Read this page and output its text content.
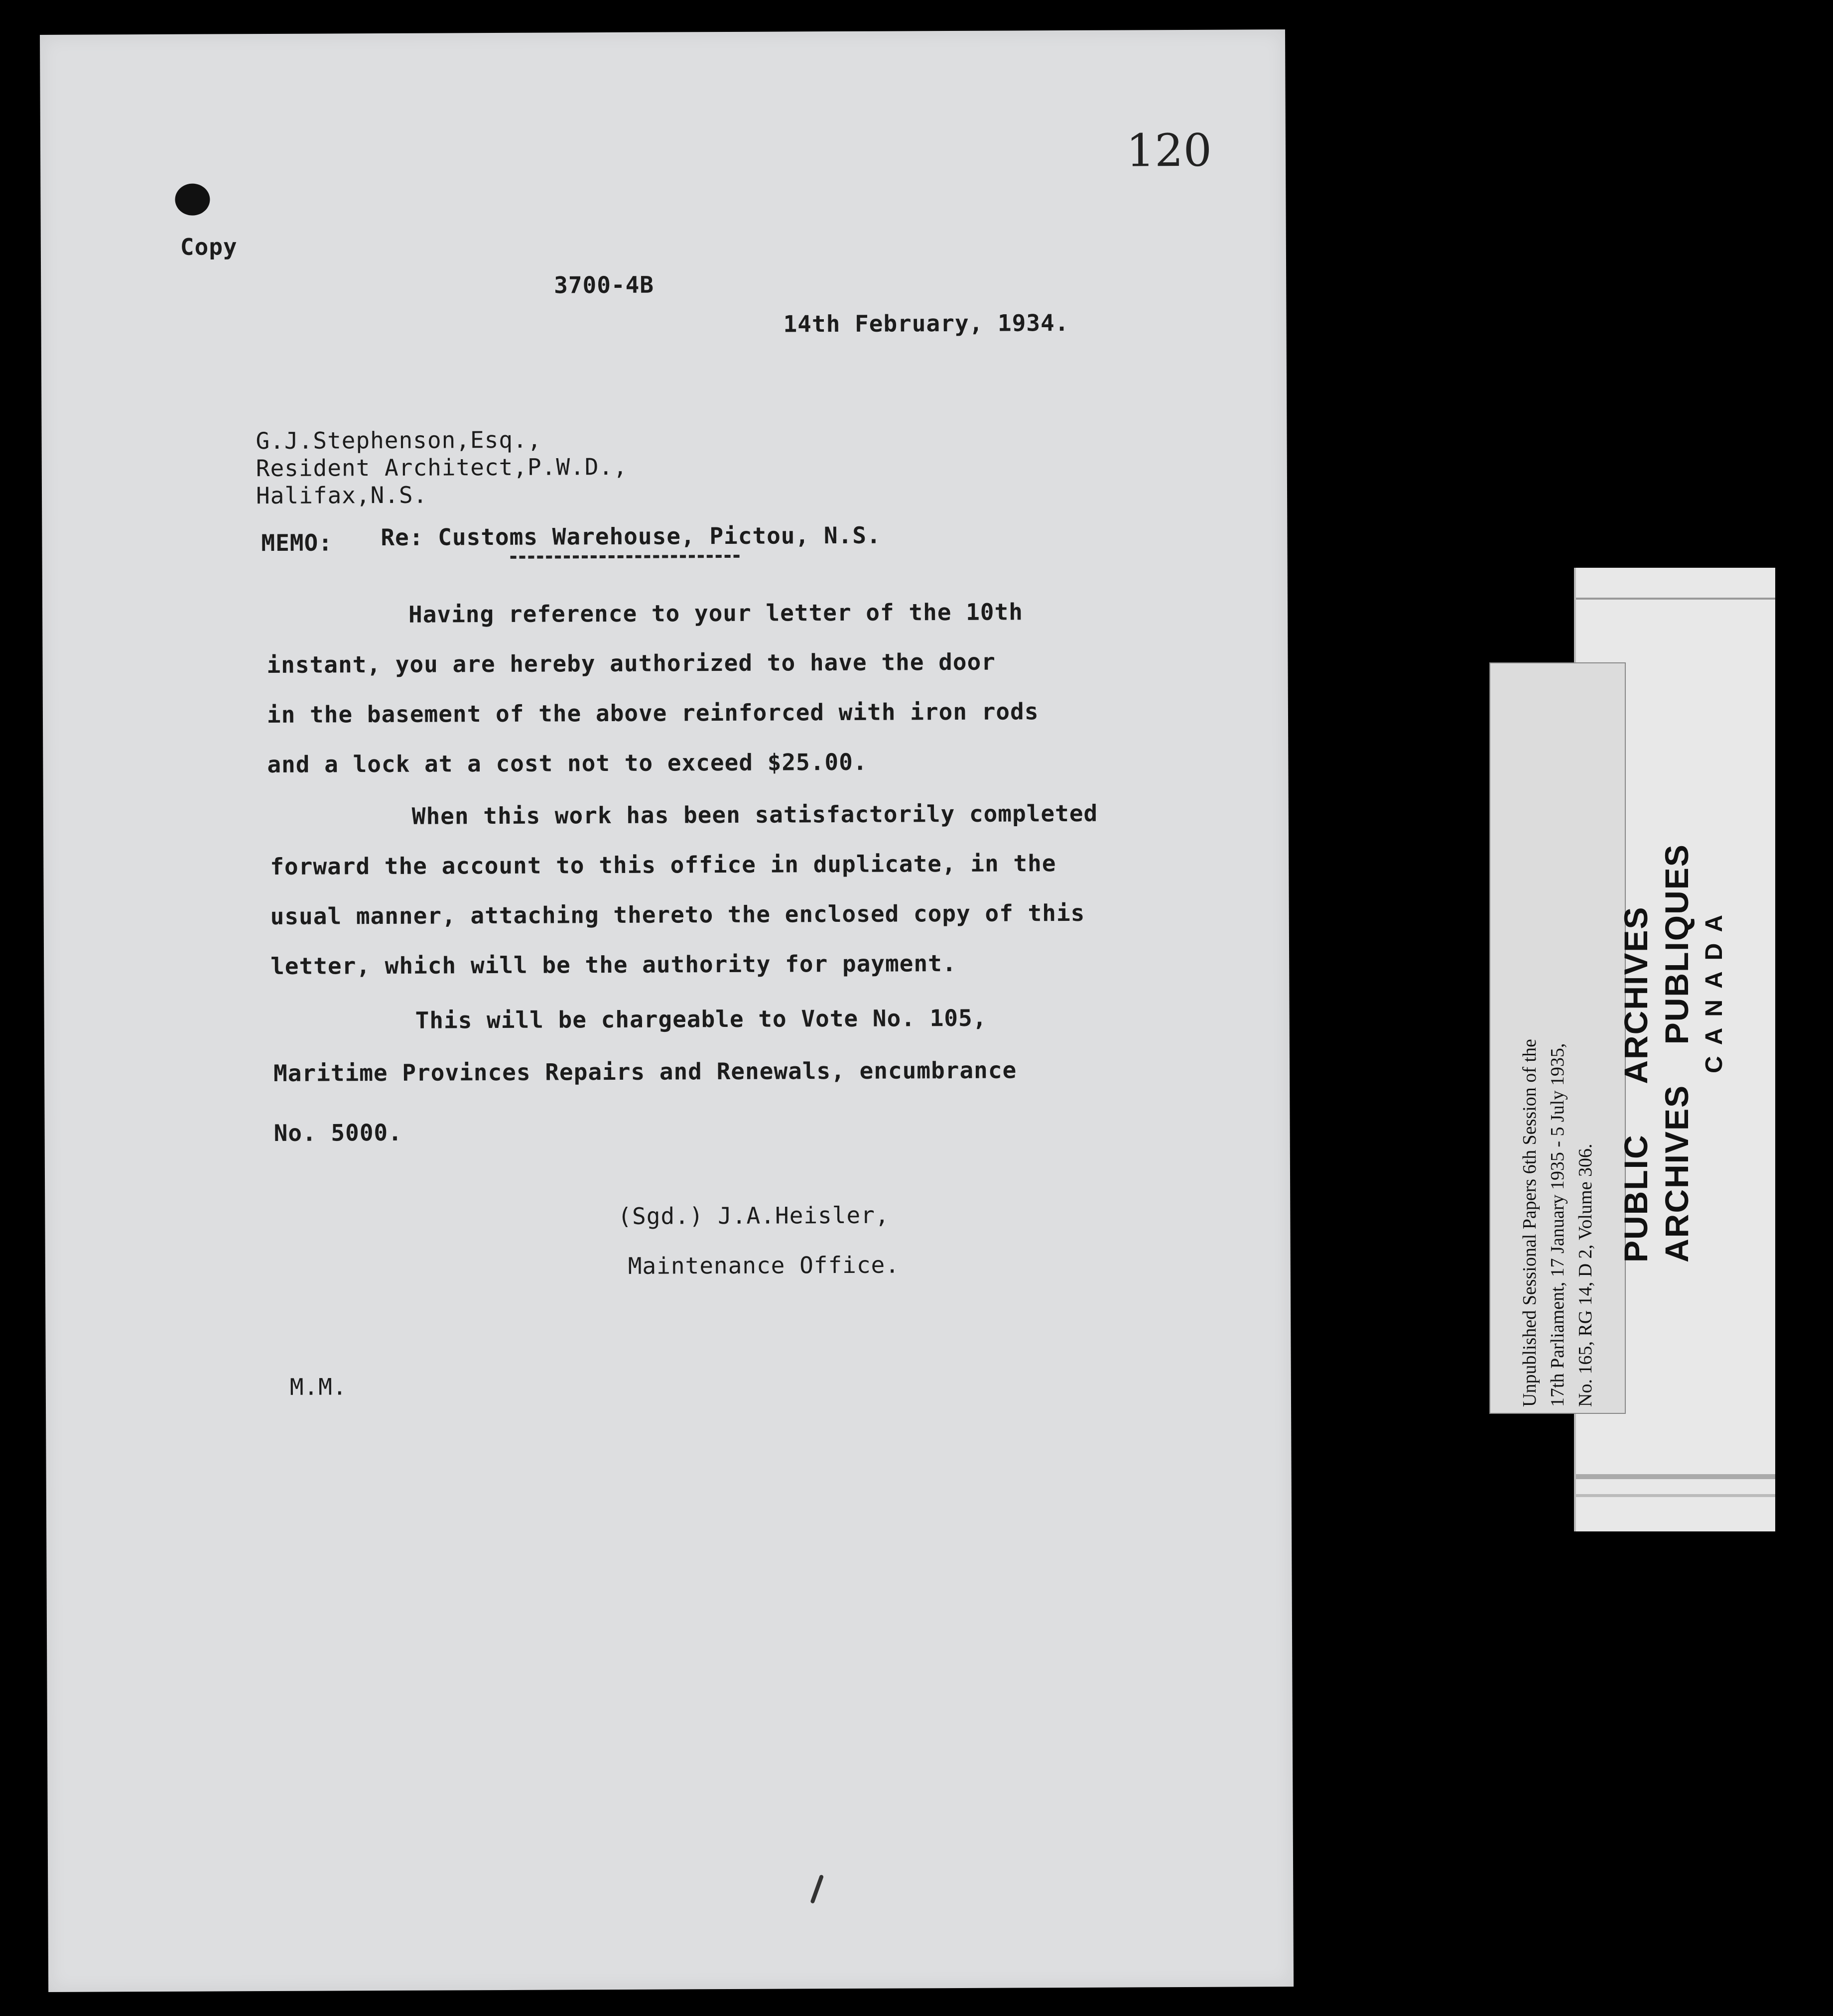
120
Copy
3700-4B
14th February, 1934.
G.J.Stephenson,Esq.,
Resident Architect,P.W.D.,
Halifax,N.S.
MEMO: Re: Customs Warehouse, Pictou, N.S.
Having reference to your letter of the 10th
instant, you are hereby authorized to have the door
in the basement of the above reinforced with iron rods
and a lock at a cost not to exceed $25.00.
When this work has been satisfactorily completed
forward the account to this office in duplicate, in the
usual manner, attaching thereto the enclosed copy of this
letter, which will be the authority for payment.
This will be chargeable to Vote No. 105,
Maritime Provinces Repairs and Renewals, encumbrance
No. 5000.
(Sgd.) J.A.Heisler,
Maintenance Office.
M.M.	Unpublished Sessional Papers 6th Session of the 17th Parliament, 17 January 1935 - 5 July 1935, No. 165, RG 14, D 2, Volume 306. PUBLIC  ARCHIVES
ARCHIVES  PUBLIQUES CANADA
